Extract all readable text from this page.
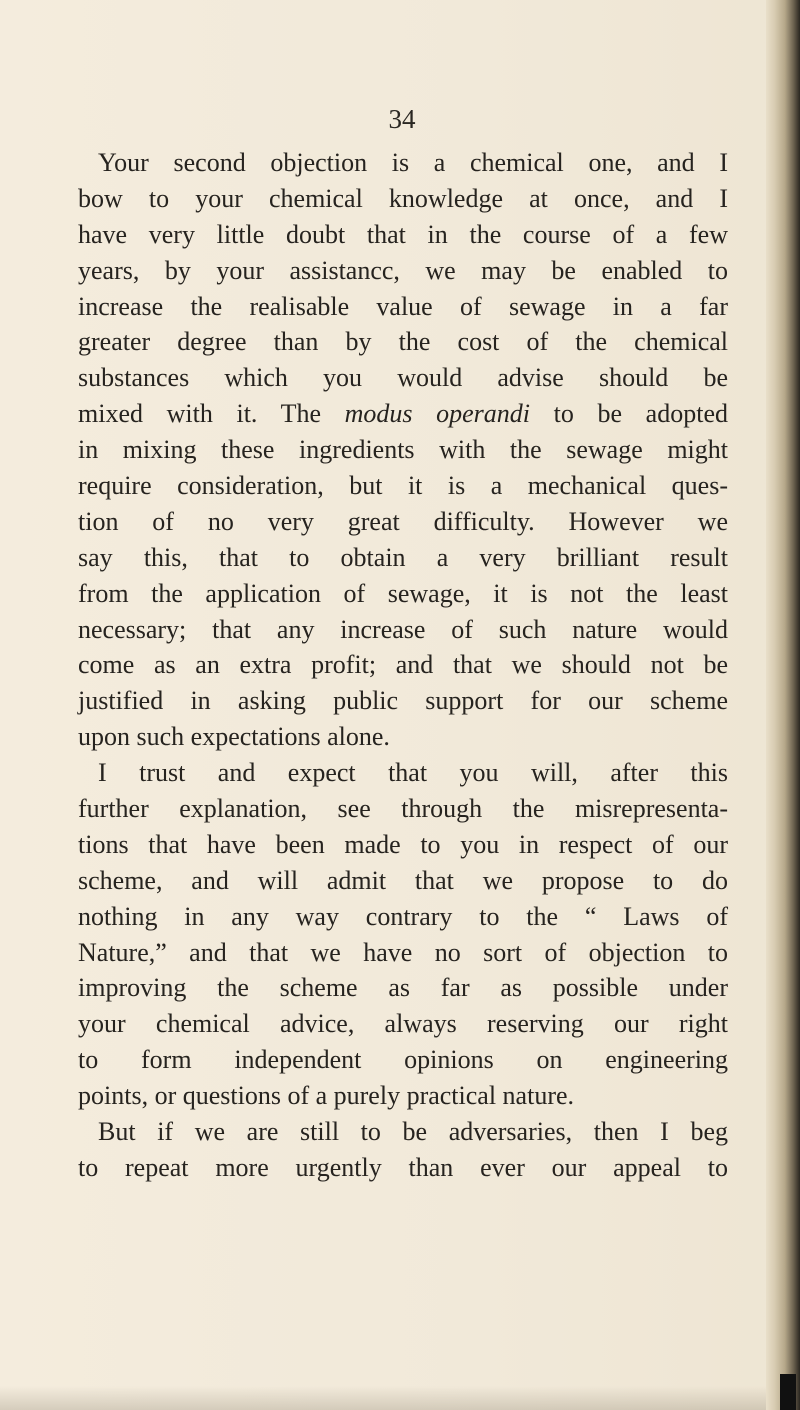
34
Your second objection is a chemical one, and I
bow to your chemical knowledge at once, and I
have very little doubt that in the course of a few
years, by your assistancc, we may be enabled to
increase the realisable value of sewage in a far
greater degree than by the cost of the chemical
substances which you would advise should be
mixed with it. The modus operandi to be adopted
in mixing these ingredients with the sewage might
require consideration, but it is a mechanical ques-
tion of no very great difficulty. However we
say this, that to obtain a very brilliant result
from the application of sewage, it is not the least
necessary; that any increase of such nature would
come as an extra profit; and that we should not be
justified in asking public support for our scheme
upon such expectations alone.
I trust and expect that you will, after this
further explanation, see through the misrepresenta-
tions that have been made to you in respect of our
scheme, and will admit that we propose to do
nothing in any way contrary to the “ Laws of
Nature,” and that we have no sort of objection to
improving the scheme as far as possible under
your chemical advice, always reserving our right
to form independent opinions on engineering
points, or questions of a purely practical nature.
But if we are still to be adversaries, then I beg
to repeat more urgently than ever our appeal to
